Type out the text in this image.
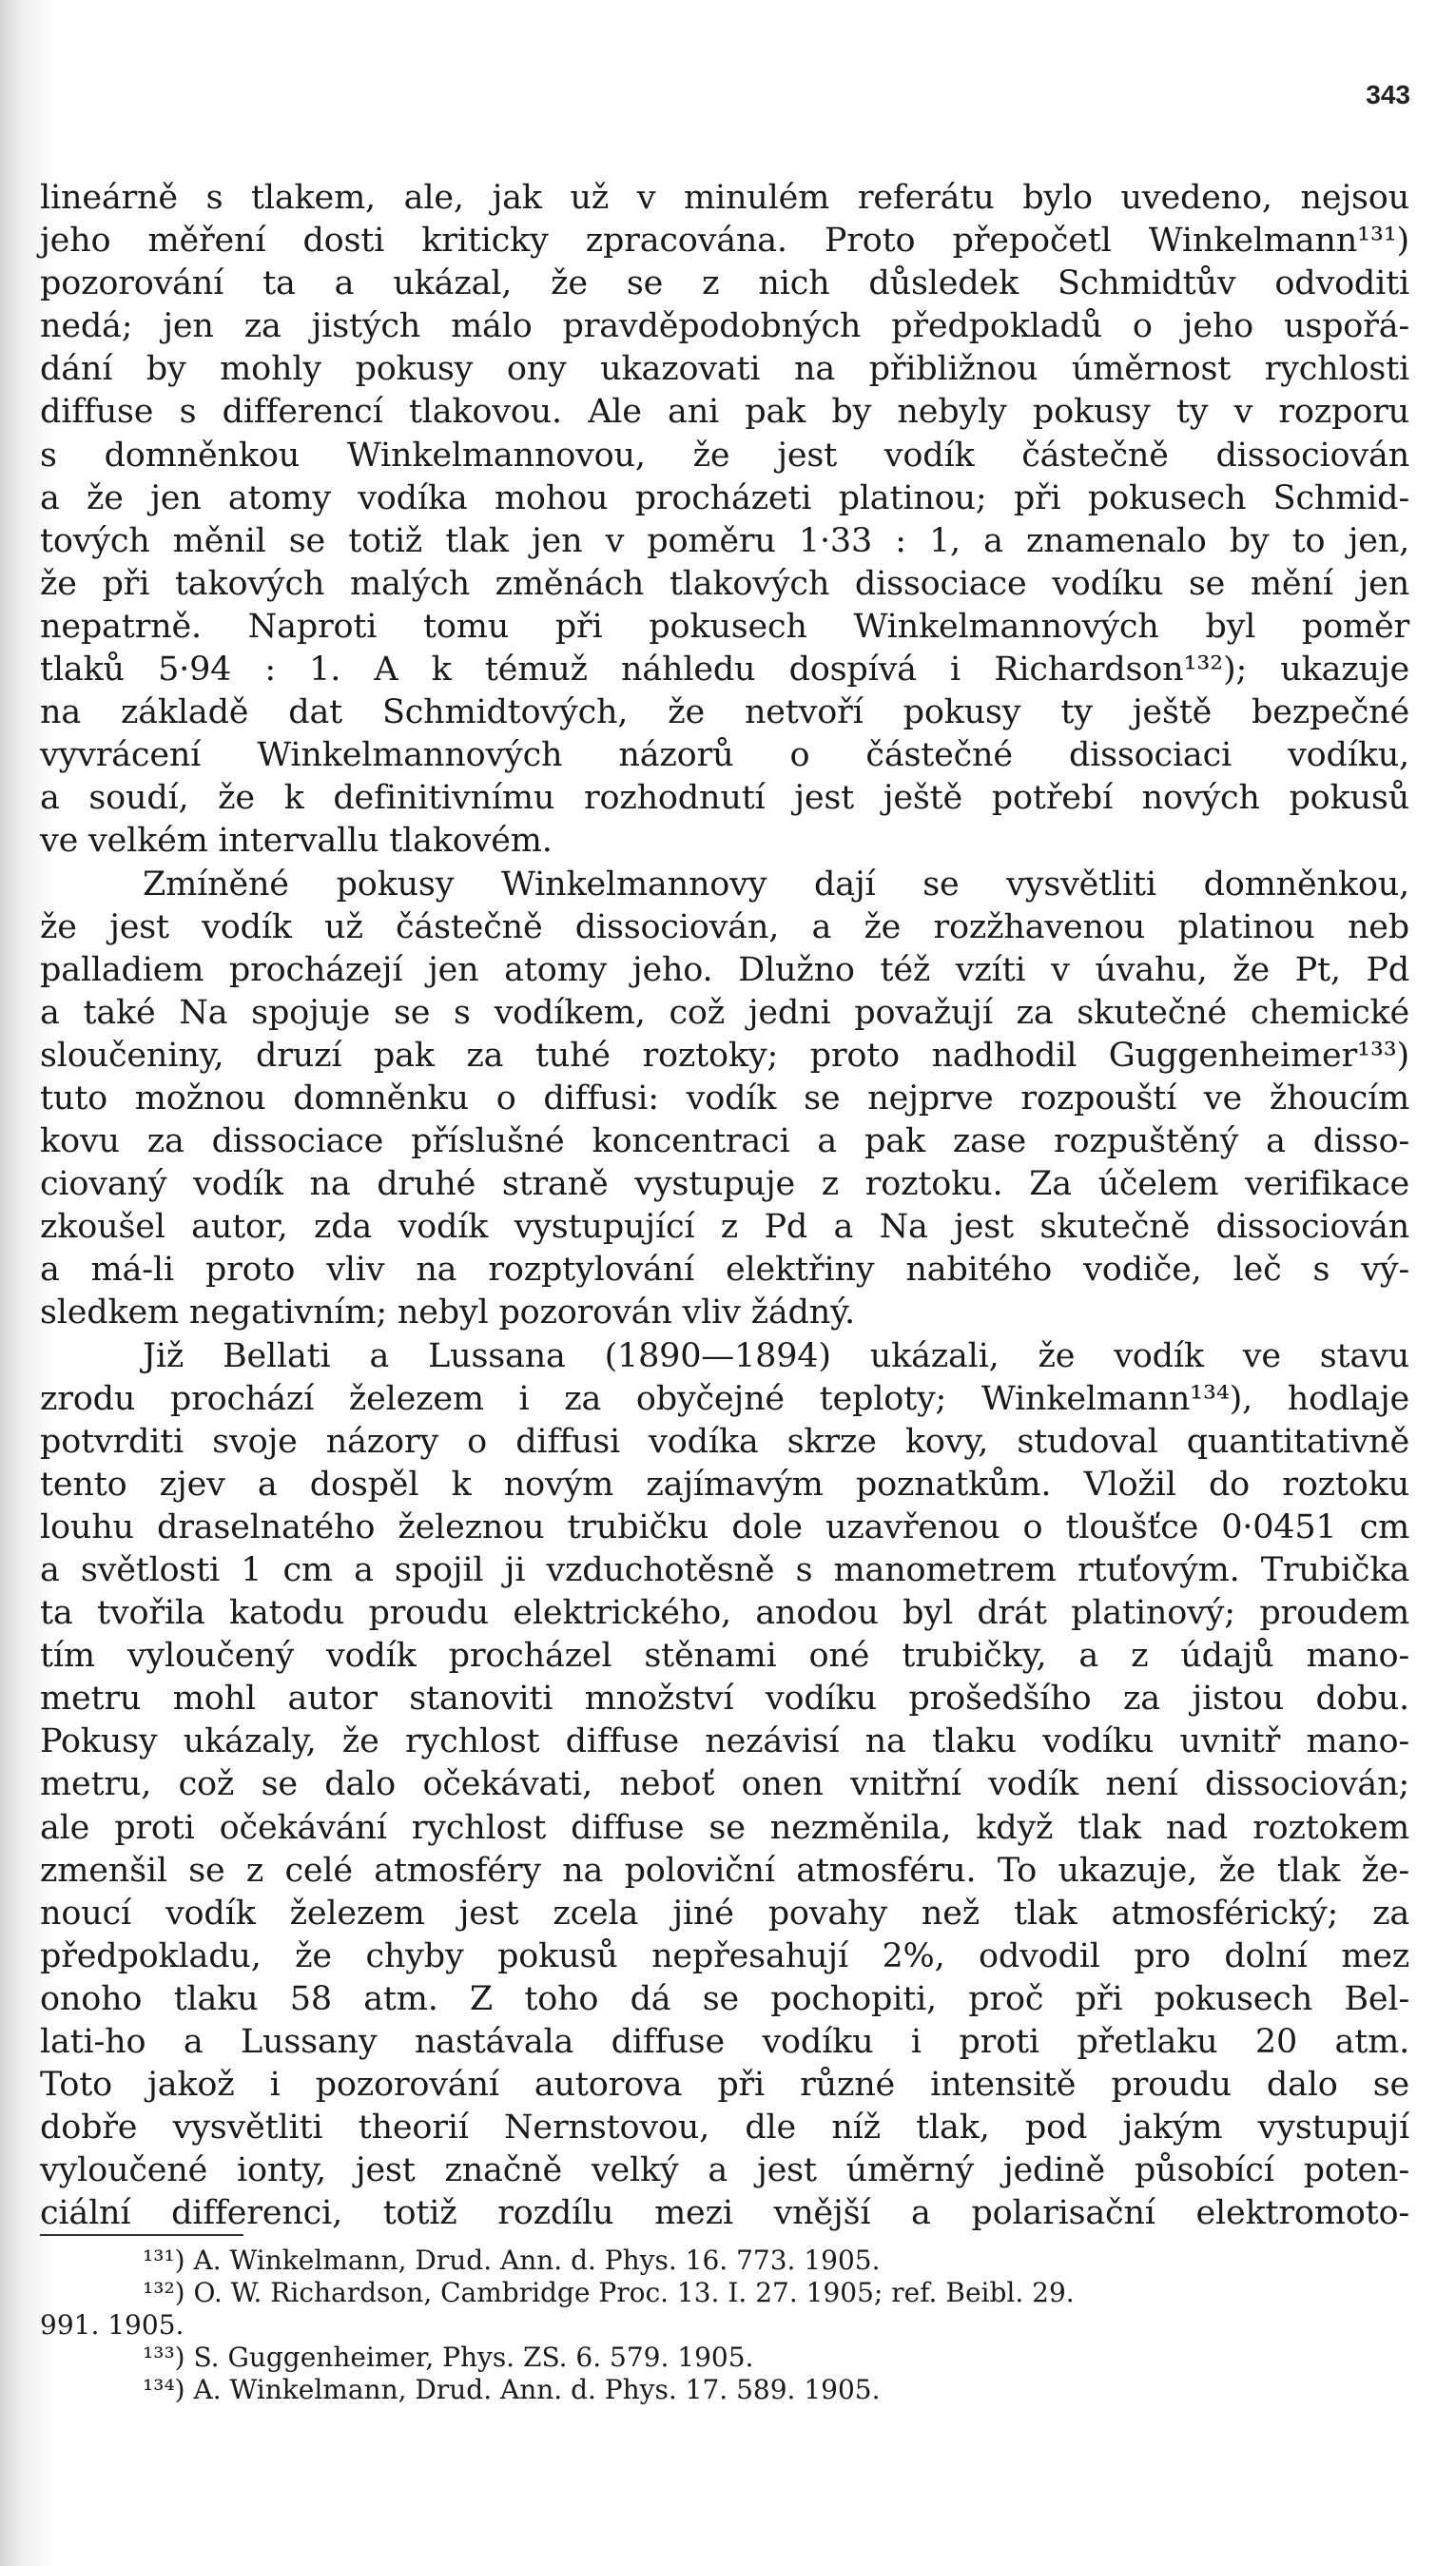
343
lineárně s tlakem, ale, jak už v minulém referátu bylo uvedeno, nejsou
jeho měření dosti kriticky zpracována. Proto přepočetl Winkelmann¹³¹)
pozorování ta a ukázal, že se z nich důsledek Schmidtův odvoditi
nedá; jen za jistých málo pravděpodobných předpokladů o jeho uspořá-
dání by mohly pokusy ony ukazovati na přibližnou úměrnost rychlosti
diffuse s differencí tlakovou. Ale ani pak by nebyly pokusy ty v rozporu
s domněnkou Winkelmannovou, že jest vodík částečně dissociován
a že jen atomy vodíka mohou procházeti platinou; při pokusech Schmid-
tových měnil se totiž tlak jen v poměru 1·33 : 1, a znamenalo by to jen,
že při takových malých změnách tlakových dissociace vodíku se mění jen
nepatrně. Naproti tomu při pokusech Winkelmannových byl poměr
tlaků 5·94 : 1. A k témuž náhledu dospívá i Richardson¹³²); ukazuje
na základě dat Schmidtových, že netvoří pokusy ty ještě bezpečné
vyvrácení Winkelmannových názorů o částečné dissociaci vodíku,
a soudí, že k definitivnímu rozhodnutí jest ještě potřebí nových pokusů
ve velkém intervallu tlakovém.
Zmíněné pokusy Winkelmannovy dají se vysvětliti domněnkou,
že jest vodík už částečně dissociován, a že rozžhavenou platinou neb
palladiem procházejí jen atomy jeho. Dlužno též vzíti v úvahu, že Pt, Pd
a také Na spojuje se s vodíkem, což jedni považují za skutečné chemické
sloučeniny, druzí pak za tuhé roztoky; proto nadhodil Guggenheimer¹³³)
tuto možnou domněnku o diffusi: vodík se nejprve rozpouští ve žhoucím
kovu za dissociace příslušné koncentraci a pak zase rozpuštěný a disso-
ciovaný vodík na druhé straně vystupuje z roztoku. Za účelem verifikace
zkoušel autor, zda vodík vystupující z Pd a Na jest skutečně dissociován
a má-li proto vliv na rozptylování elektřiny nabitého vodiče, leč s vý-
sledkem negativním; nebyl pozorován vliv žádný.
Již Bellati a Lussana (1890—1894) ukázali, že vodík ve stavu
zrodu prochází železem i za obyčejné teploty; Winkelmann¹³⁴), hodlaje
potvrditi svoje názory o diffusi vodíka skrze kovy, studoval quantitativně
tento zjev a dospěl k novým zajímavým poznatkům. Vložil do roztoku
louhu draselnatého železnou trubičku dole uzavřenou o tloušťce 0·0451 cm
a světlosti 1 cm a spojil ji vzduchotěsně s manometrem rtuťovým. Trubička
ta tvořila katodu proudu elektrického, anodou byl drát platinový; proudem
tím vyloučený vodík procházel stěnami oné trubičky, a z údajů mano-
metru mohl autor stanoviti množství vodíku prošedšího za jistou dobu.
Pokusy ukázaly, že rychlost diffuse nezávisí na tlaku vodíku uvnitř mano-
metru, což se dalo očekávati, neboť onen vnitřní vodík není dissociován;
ale proti očekávání rychlost diffuse se nezměnila, když tlak nad roztokem
zmenšil se z celé atmosféry na poloviční atmosféru. To ukazuje, že tlak že-
noucí vodík železem jest zcela jiné povahy než tlak atmosférický; za
předpokladu, že chyby pokusů nepřesahují 2%, odvodil pro dolní mez
onoho tlaku 58 atm. Z toho dá se pochopiti, proč při pokusech Bel-
lati-ho a Lussany nastávala diffuse vodíku i proti přetlaku 20 atm.
Toto jakož i pozorování autorova při různé intensitě proudu dalo se
dobře vysvětliti theorií Nernstovou, dle níž tlak, pod jakým vystupují
vyloučené ionty, jest značně velký a jest úměrný jedině působící poten-
ciální differenci, totiž rozdílu mezi vnější a polarisační elektromoto-
¹³¹) A. Winkelmann, Drud. Ann. d. Phys. 16. 773. 1905.
¹³²) O. W. Richardson, Cambridge Proc. 13. I. 27. 1905; ref. Beibl. 29.
991. 1905.
¹³³) S. Guggenheimer, Phys. ZS. 6. 579. 1905.
¹³⁴) A. Winkelmann, Drud. Ann. d. Phys. 17. 589. 1905.
